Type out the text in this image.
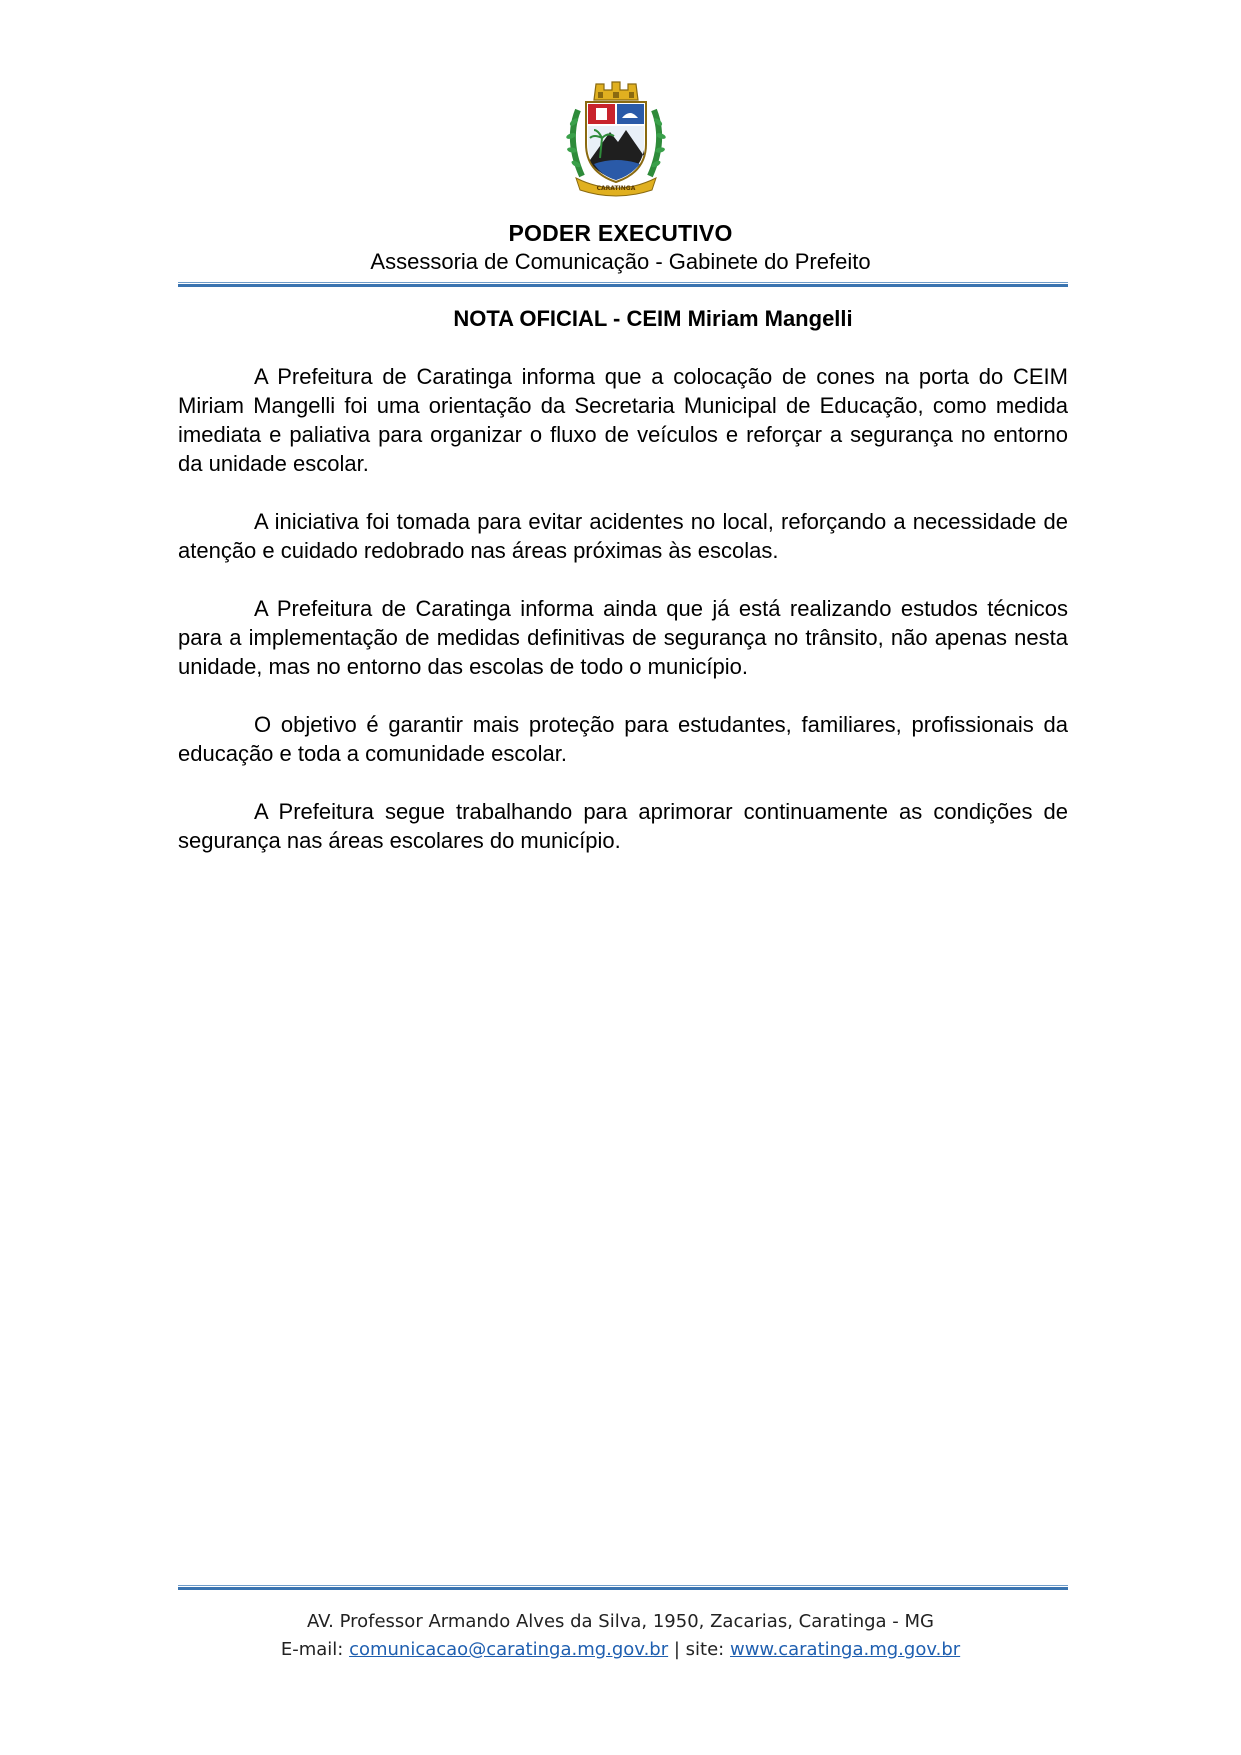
CARATINGA
PODER EXECUTIVO
Assessoria de Comunicação - Gabinete do Prefeito
NOTA OFICIAL - CEIM Miriam Mangelli

A Prefeitura de Caratinga informa que a colocação de cones na porta do CEIM Miriam Mangelli foi uma orientação da Secretaria Municipal de Educação, como medida imediata e paliativa para organizar o fluxo de veículos e reforçar a segurança no entorno da unidade escolar.

A iniciativa foi tomada para evitar acidentes no local, reforçando a necessidade de atenção e cuidado redobrado nas áreas próximas às escolas.

A Prefeitura de Caratinga informa ainda que já está realizando estudos técnicos para a implementação de medidas definitivas de segurança no trânsito, não apenas nesta unidade, mas no entorno das escolas de todo o município.

O objetivo é garantir mais proteção para estudantes, familiares, profissionais da educação e toda a comunidade escolar.

A Prefeitura segue trabalhando para aprimorar continuamente as condições de segurança nas áreas escolares do município.

AV. Professor Armando Alves da Silva, 1950, Zacarias, Caratinga - MG
E-mail: comunicacao@caratinga.mg.gov.br | site: www.caratinga.mg.gov.br
